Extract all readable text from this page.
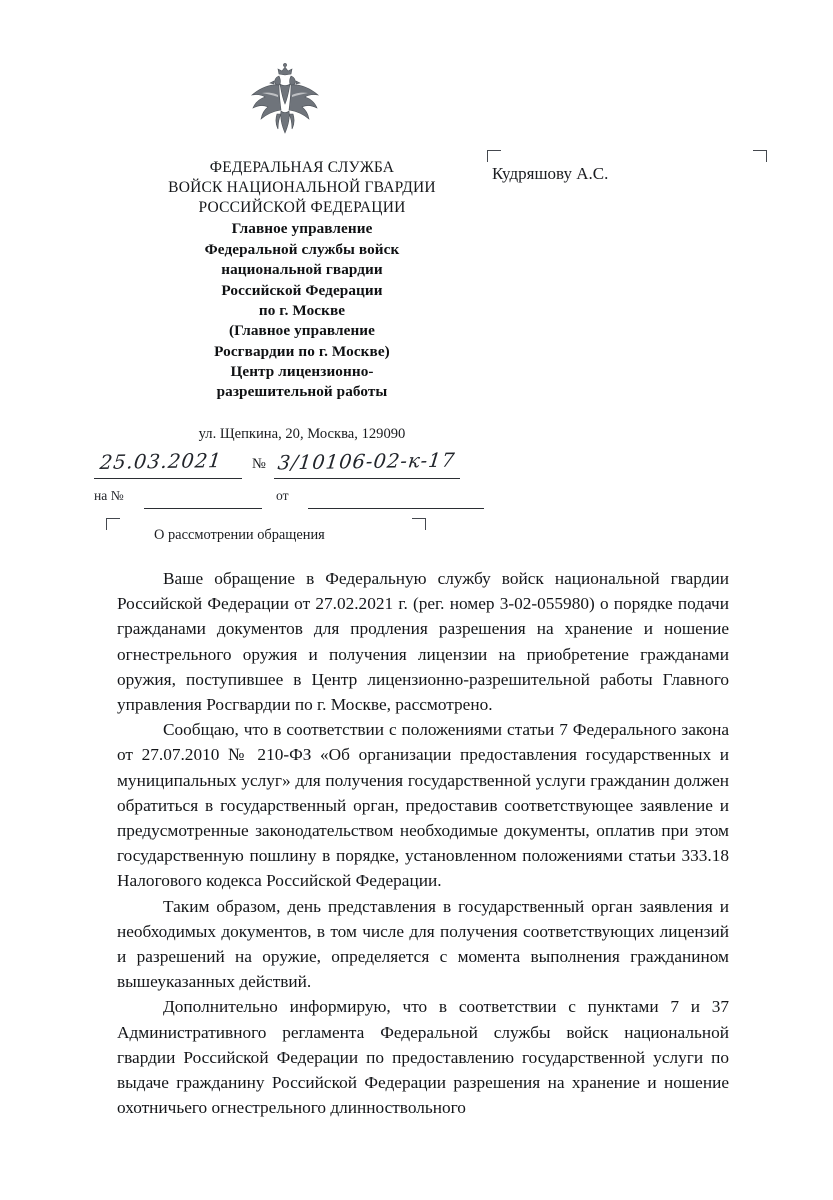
ФЕДЕРАЛЬНАЯ СЛУЖБА
ВОЙСК НАЦИОНАЛЬНОЙ ГВАРДИИ
РОССИЙСКОЙ ФЕДЕРАЦИИ
Главное управление
Федеральной службы войск
национальной гвардии
Российской Федерации
по г. Москве
(Главное управление
Росгвардии по г. Москве)
Центр лицензионно-
разрешительной работы
ул. Щепкина, 20, Москва, 129090
25.03.2021 № 3/10106-02-к-17
на №	от
Кудряшову А.С.
О рассмотрении обращения

Ваше обращение в Федеральную службу войск национальной гвардии Российской Федерации от 27.02.2021 г. (рег. номер 3-02-055980) о порядке подачи гражданами документов для продления разрешения на хранение и ношение огнестрельного оружия и получения лицензии на приобретение гражданами оружия, поступившее в Центр лицензионно-разрешительной работы Главного управления Росгвардии по г. Москве, рассмотрено.

Сообщаю, что в соответствии с положениями статьи 7 Федерального закона от 27.07.2010 № 210-ФЗ «Об организации предоставления государственных и муниципальных услуг» для получения государственной услуги гражданин должен обратиться в государственный орган, предоставив соответствующее заявление и предусмотренные законодательством необходимые документы, оплатив при этом государственную пошлину в порядке, установленном положениями статьи 333.18 Налогового кодекса Российской Федерации.

Таким образом, день представления в государственный орган заявления и необходимых документов, в том числе для получения соответствующих лицензий и разрешений на оружие, определяется с момента выполнения гражданином вышеуказанных действий.

Дополнительно информирую, что в соответствии с пунктами 7 и 37 Административного регламента Федеральной службы войск национальной гвардии Российской Федерации по предоставлению государственной услуги по выдаче гражданину Российской Федерации разрешения на хранение и ношение охотничьего огнестрельного длинноствольного
